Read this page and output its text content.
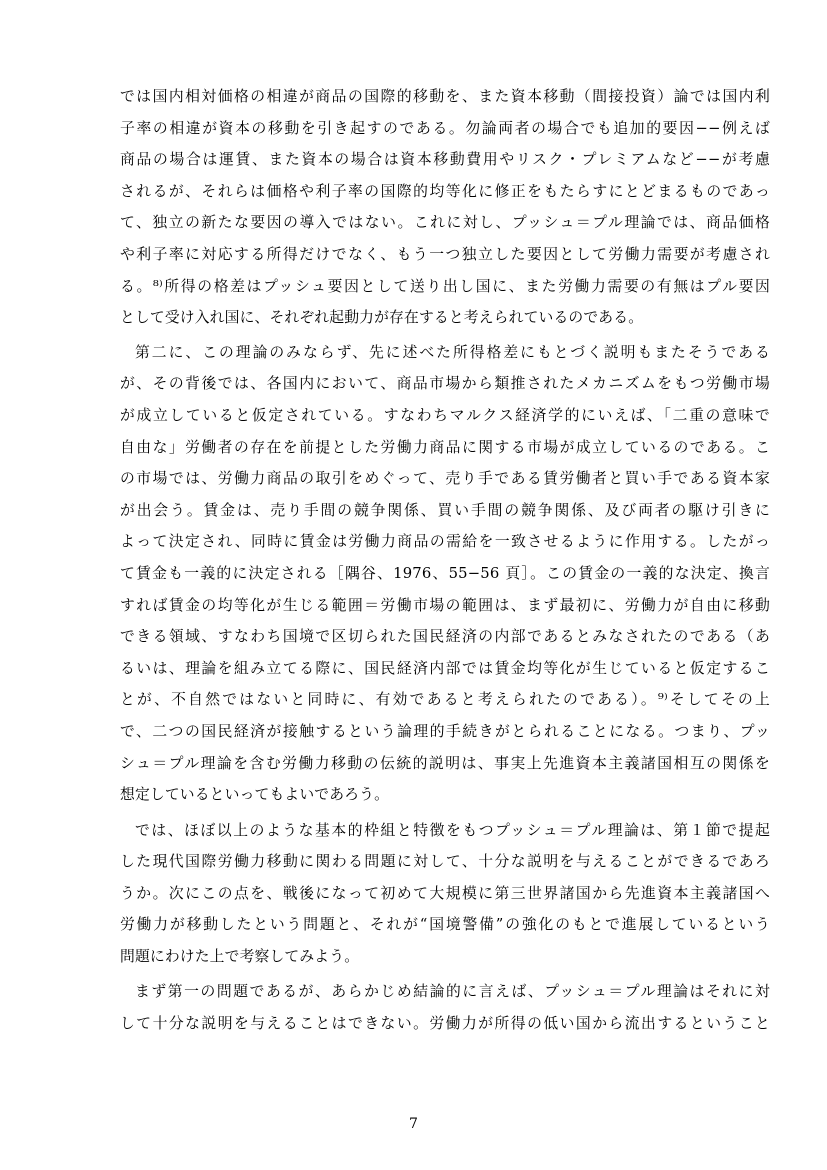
では国内相対価格の相違が商品の国際的移動を、また資本移動（間接投資）論では国内利
子率の相違が資本の移動を引き起すのである。勿論両者の場合でも追加的要因−−例えば
商品の場合は運賃、また資本の場合は資本移動費用やリスク・プレミアムなど−−が考慮
されるが、それらは価格や利子率の国際的均等化に修正をもたらすにとどまるものであっ
て、独立の新たな要因の導入ではない。これに対し、プッシュ＝プル理論では、商品価格
や利子率に対応する所得だけでなく、もう一つ独立した要因として労働力需要が考慮され
る。⁸⁾所得の格差はプッシュ要因として送り出し国に、また労働力需要の有無はプル要因
として受け入れ国に、それぞれ起動力が存在すると考えられているのである。
第二に、この理論のみならず、先に述べた所得格差にもとづく説明もまたそうである
が、その背後では、各国内において、商品市場から類推されたメカニズムをもつ労働市場
が成立していると仮定されている。すなわちマルクス経済学的にいえば、「二重の意味で
自由な」労働者の存在を前提とした労働力商品に関する市場が成立しているのである。こ
の市場では、労働力商品の取引をめぐって、売り手である賃労働者と買い手である資本家
が出会う。賃金は、売り手間の競争関係、買い手間の競争関係、及び両者の駆け引きに
よって決定され、同時に賃金は労働力商品の需給を一致させるように作用する。したがっ
て賃金も一義的に決定される［隅谷、1976、55−56 頁］。この賃金の一義的な決定、換言
すれば賃金の均等化が生じる範囲＝労働市場の範囲は、まず最初に、労働力が自由に移動
できる領域、すなわち国境で区切られた国民経済の内部であるとみなされたのである（あ
るいは、理論を組み立てる際に、国民経済内部では賃金均等化が生じていると仮定するこ
とが、不自然ではないと同時に、有効であると考えられたのである）。⁹⁾そしてその上
で、二つの国民経済が接触するという論理的手続きがとられることになる。つまり、プッ
シュ＝プル理論を含む労働力移動の伝統的説明は、事実上先進資本主義諸国相互の関係を
想定しているといってもよいであろう。
では、ほぼ以上のような基本的枠組と特徴をもつプッシュ＝プル理論は、第１節で提起
した現代国際労働力移動に関わる問題に対して、十分な説明を与えることができるであろ
うか。次にこの点を、戦後になって初めて大規模に第三世界諸国から先進資本主義諸国へ
労働力が移動したという問題と、それが“国境警備”の強化のもとで進展しているという
問題にわけた上で考察してみよう。
まず第一の問題であるが、あらかじめ結論的に言えば、プッシュ＝プル理論はそれに対
して十分な説明を与えることはできない。労働力が所得の低い国から流出するということ
7
